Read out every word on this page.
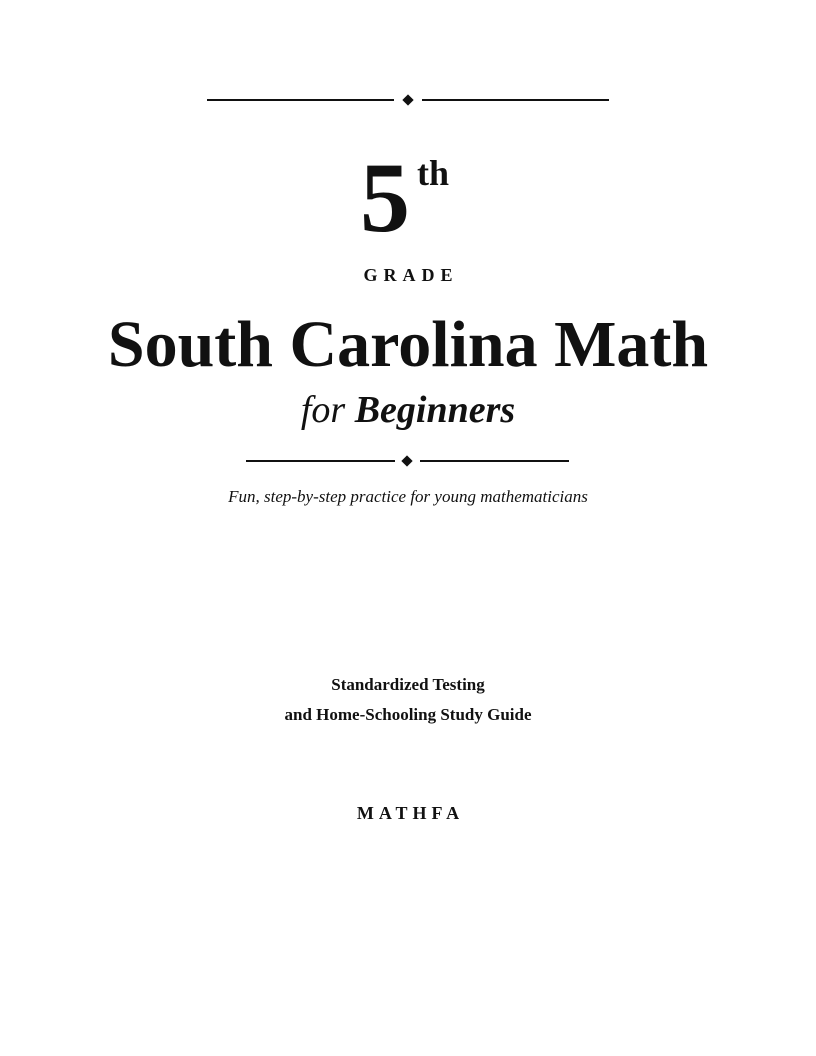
5 th
GRADE
South Carolina Math
for Beginners
Fun, step-by-step practice for young mathematicians
Standardized Testing
and Home-Schooling Study Guide
MATHFA
